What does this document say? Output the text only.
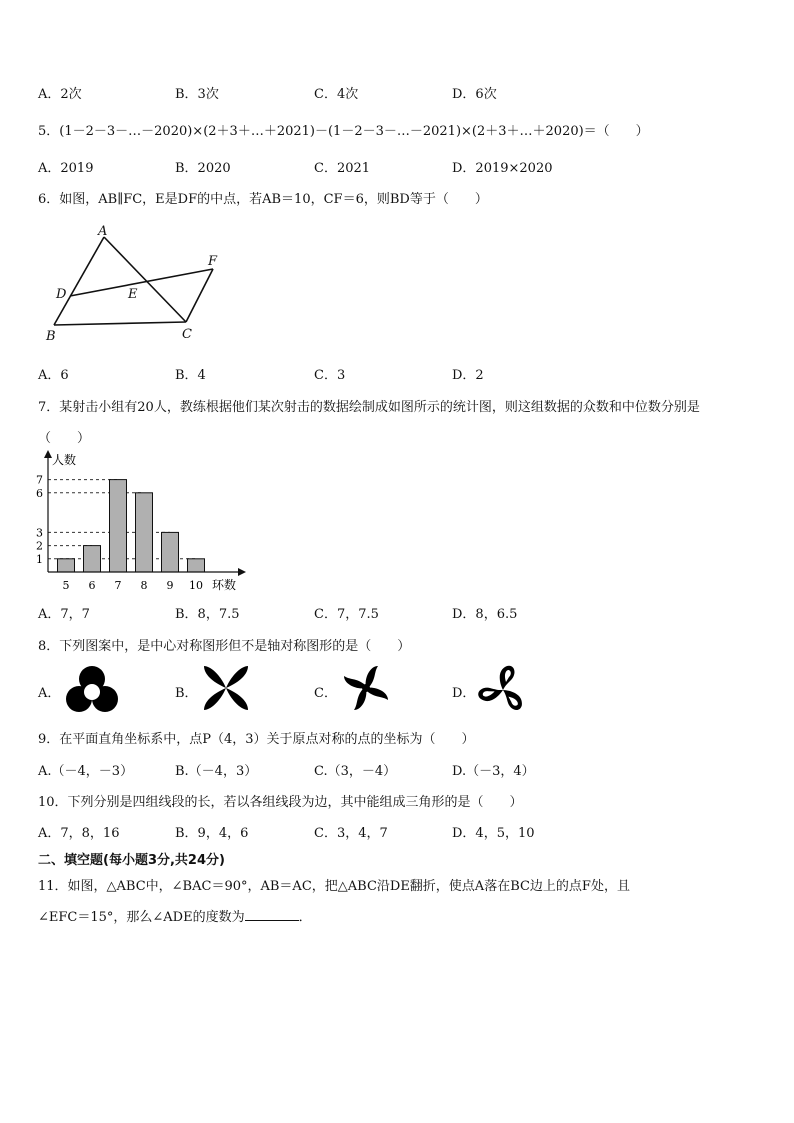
A．2次	B．3次	C．4次	D．6次
5．(1－2－3－…－2020)×(2＋3＋…＋2021)－(1－2－3－…－2021)×(2＋3＋…＋2020)＝（　　）
A．2019	B．2020	C．2021	D．2019×2020
6．如图，AB∥FC，E是DF的中点，若AB＝10，CF＝6，则BD等于（　　）
A
B	C
D	E
F
A．6	B．4	C．3	D．2
7．某射击小组有20人，教练根据他们某次射击的数据绘制成如图所示的统计图，则这组数据的众数和中位数分别是
（　　）
人数
环数
1
2
3
6
7
5 6 7 8 9 10
A．7，7	B．8，7.5	C．7，7.5	D．8，6.5
8．下列图案中，是中心对称图形但不是轴对称图形的是（　　）
A．	B．	C．	D．
9．在平面直角坐标系中，点P（4，3）关于原点对称的点的坐标为（　　）
A.（－4，－3）	B.（－4，3）	C.（3，－4）	D.（－3，4）
10．下列分别是四组线段的长，若以各组线段为边，其中能组成三角形的是（　　）
A．7，8，16	B．9，4，6	C．3，4，7	D．4，5，10
二、填空题(每小题3分,共24分)
11．如图，△ABC中，∠BAC＝90°，AB＝AC，把△ABC沿DE翻折，使点A落在BC边上的点F处，且
∠EFC＝15°，那么∠ADE的度数为	．
